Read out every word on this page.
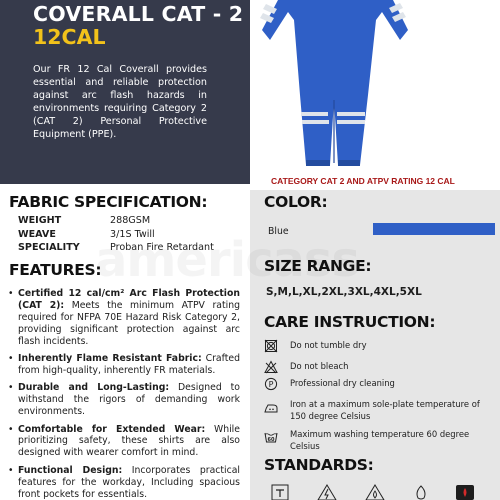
COVERALL CAT - 2
12CAL
Our FR 12 Cal Coverall provides essential and reliable protection against arc flash hazards in environments requiring Category 2 (CAT 2) Personal Protective Equipment (PPE).
CATEGORY CAT 2 AND ATPV RATING 12 CAL
FABRIC SPECIFICATION:
WEIGHT	288GSM
WEAVE	3/1S Twill
SPECIALITY	Proban Fire Retardant
FEATURES:
• Certified 12 cal/cm² Arc Flash Protection (CAT 2): Meets the minimum ATPV rating required for NFPA 70E Hazard Risk Category 2, providing significant protection against arc flash incidents.
• Inherently Flame Resistant Fabric: Crafted from high-quality, inherently FR materials.
• Durable and Long-Lasting: Designed to withstand the rigors of demanding work environments.
• Comfortable for Extended Wear: While prioritizing safety, these shirts are also designed with wearer comfort in mind.
• Functional Design: Incorporates practical features for the workday, Including spacious front pockets for essentials.
COLOR:
Blue
SIZE RANGE:
S,M,L,XL,2XL,3XL,4XL,5XL
CARE INSTRUCTION:
Do not tumble dry
Do not bleach
P Professional dry cleaning
Iron at a maximum sole-plate temperature of 150 degree Celsius
60
Maximum washing temperature 60 degree Celsius
STANDARDS:
